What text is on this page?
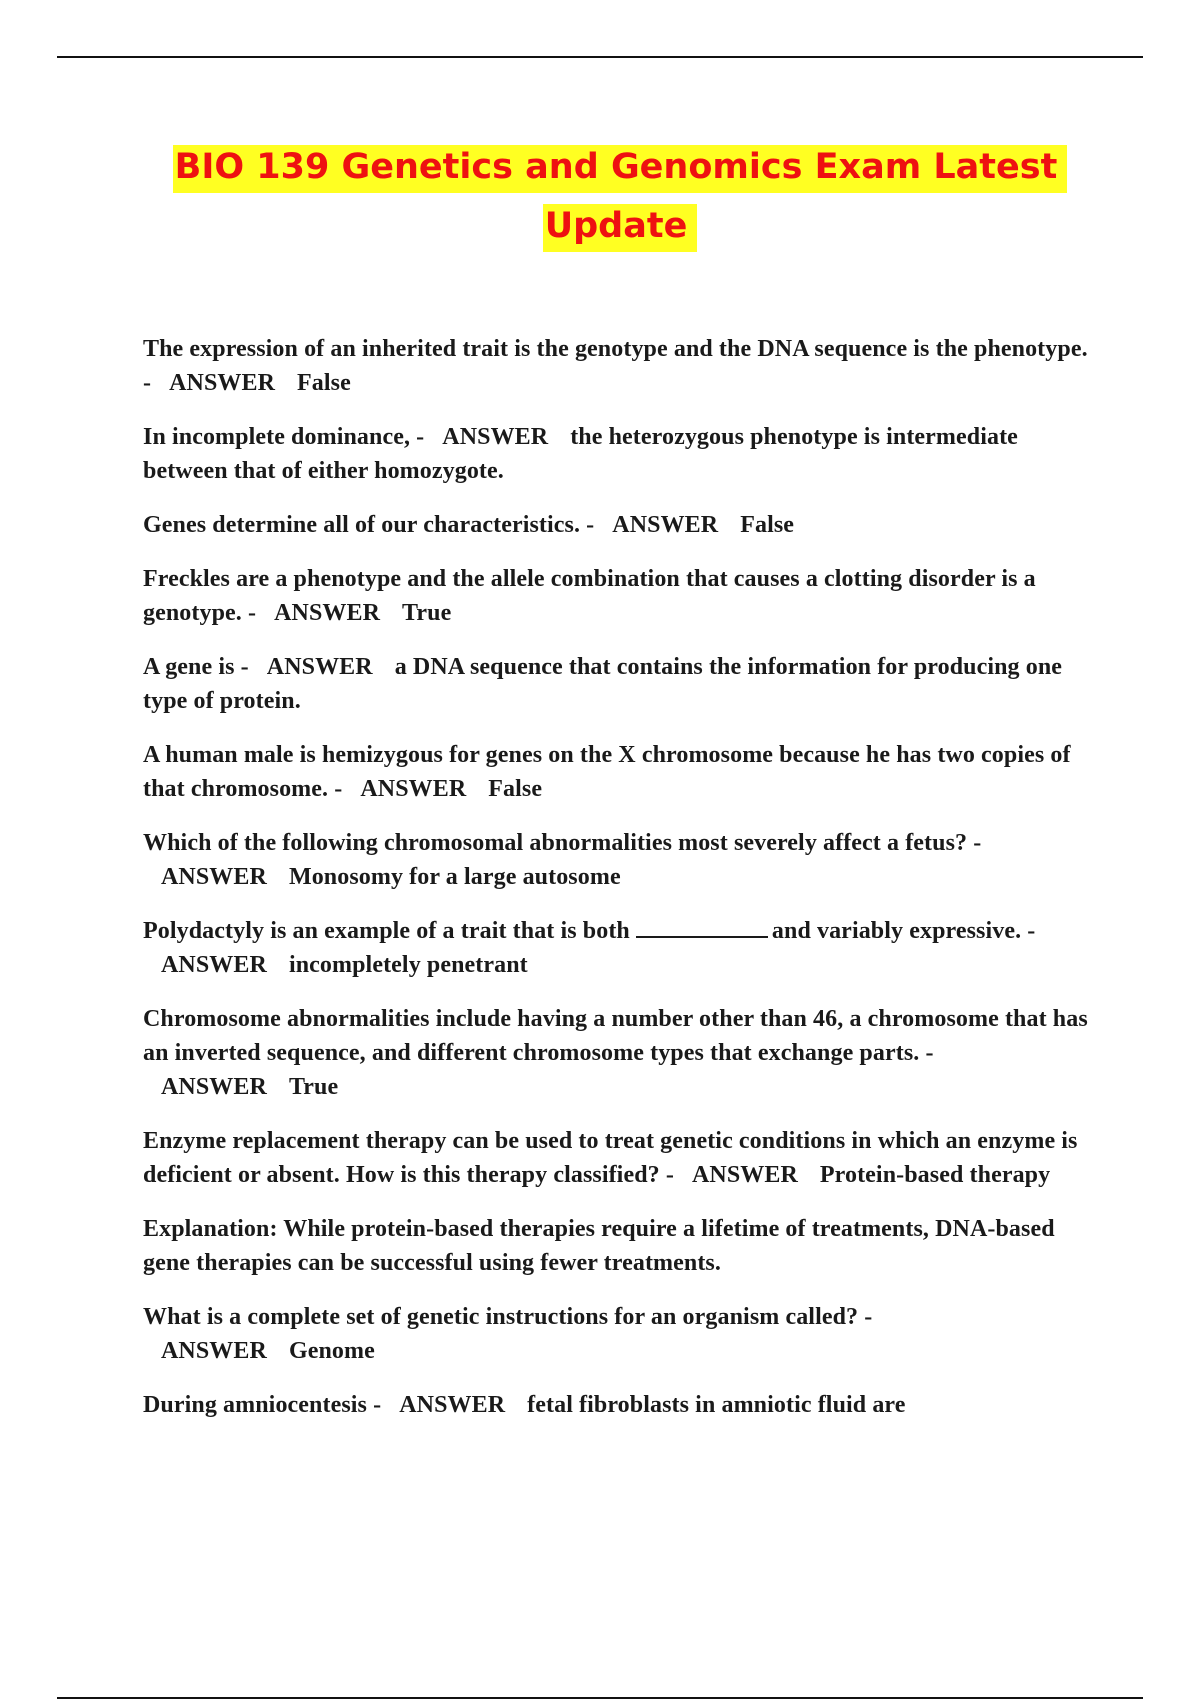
BIO 139 Genetics and Genomics Exam Latest
Update

The expression of an inherited trait is the genotype and the DNA sequence is the phenotype. - ANSWER False

In incomplete dominance, - ANSWER the heterozygous phenotype is intermediate between that of either homozygote.

Genes determine all of our characteristics. - ANSWER False

Freckles are a phenotype and the allele combination that causes a clotting disorder is a genotype. - ANSWER True

A gene is - ANSWER a DNA sequence that contains the information for producing one type of protein.

A human male is hemizygous for genes on the X chromosome because he has two copies of that chromosome. - ANSWER False

Which of the following chromosomal abnormalities most severely affect a fetus? -ANSWER Monosomy for a large autosome

Polydactyly is an example of a trait that is both	and variably expressive. -ANSWER incompletely penetrant

Chromosome abnormalities include having a number other than 46, a chromosome that has an inverted sequence, and different chromosome types that exchange parts. -ANSWER True

Enzyme replacement therapy can be used to treat genetic conditions in which an enzyme is deficient or absent. How is this therapy classified? - ANSWER Protein-based therapy

Explanation: While protein-based therapies require a lifetime of treatments, DNA-based gene therapies can be successful using fewer treatments.

What is a complete set of genetic instructions for an organism called? -ANSWER Genome

During amniocentesis - ANSWER fetal fibroblasts in amniotic fluid are
